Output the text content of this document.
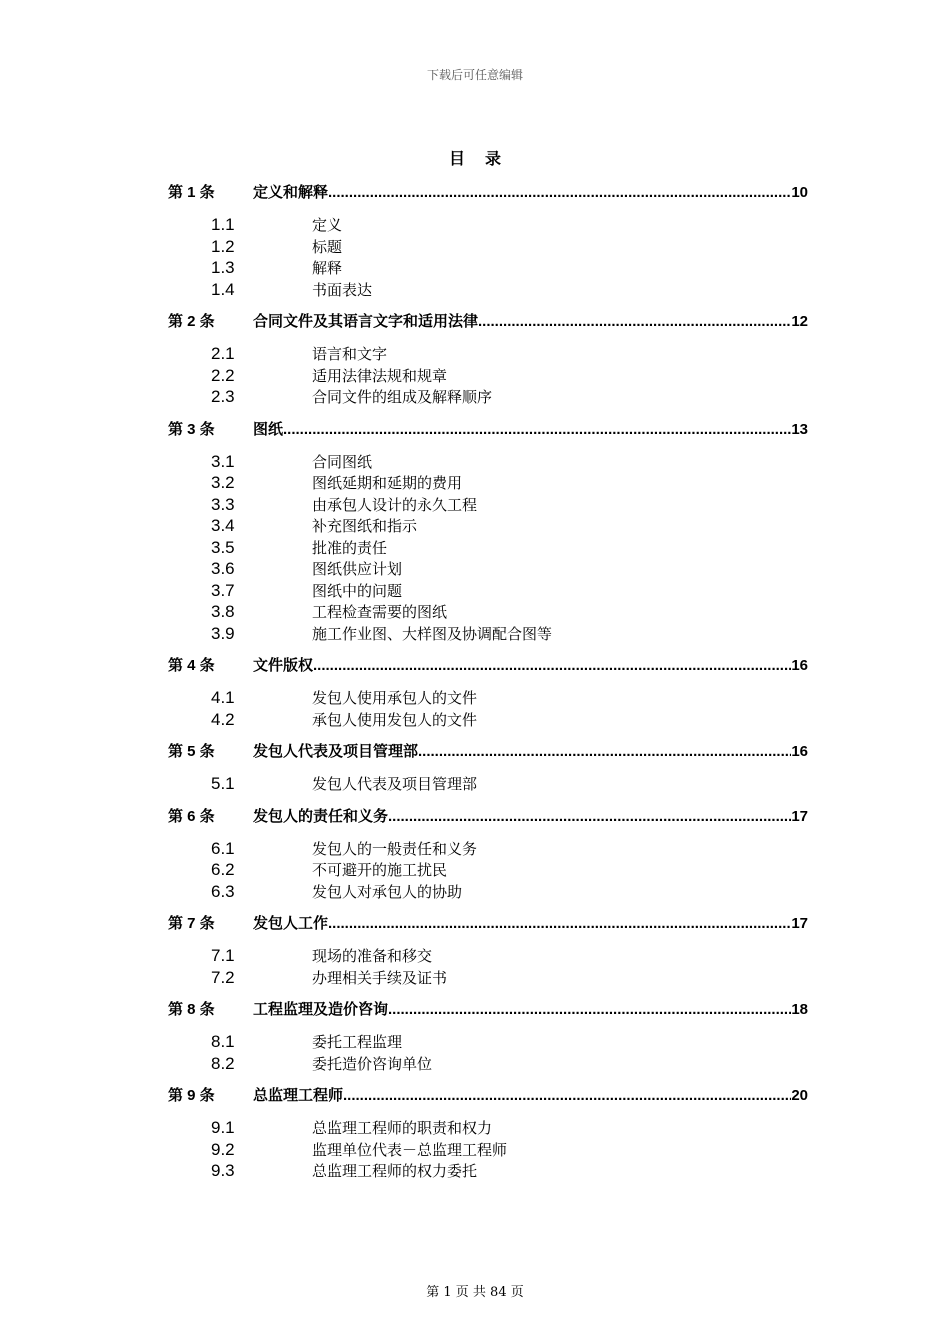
下载后可任意编辑
目录
第 1 条	定义和解释 .....	10
1.1	定义
1.2	标题
1.3	解释
1.4	书面表达
第 2 条	合同文件及其语言文字和适用法律 .....	12
2.1	语言和文字
2.2	适用法律法规和规章
2.3	合同文件的组成及解释顺序
第 3 条	图纸 .....	13
3.1	合同图纸
3.2	图纸延期和延期的费用
3.3	由承包人设计的永久工程
3.4	补充图纸和指示
3.5	批准的责任
3.6	图纸供应计划
3.7	图纸中的问题
3.8	工程检查需要的图纸
3.9	施工作业图、大样图及协调配合图等
第 4 条	文件版权 .....	16
4.1	发包人使用承包人的文件
4.2	承包人使用发包人的文件
第 5 条	发包人代表及项目管理部 .....	16
5.1	发包人代表及项目管理部
第 6 条	发包人的责任和义务 .....	17
6.1	发包人的一般责任和义务
6.2	不可避开的施工扰民
6.3	发包人对承包人的协助
第 7 条	发包人工作 .....	17
7.1	现场的准备和移交
7.2	办理相关手续及证书
第 8 条	工程监理及造价咨询 .....	18
8.1	委托工程监理
8.2	委托造价咨询单位
第 9 条	总监理工程师 .....	20
9.1	总监理工程师的职责和权力
9.2	监理单位代表－总监理工程师
9.3	总监理工程师的权力委托
第 1 页 共 84 页
